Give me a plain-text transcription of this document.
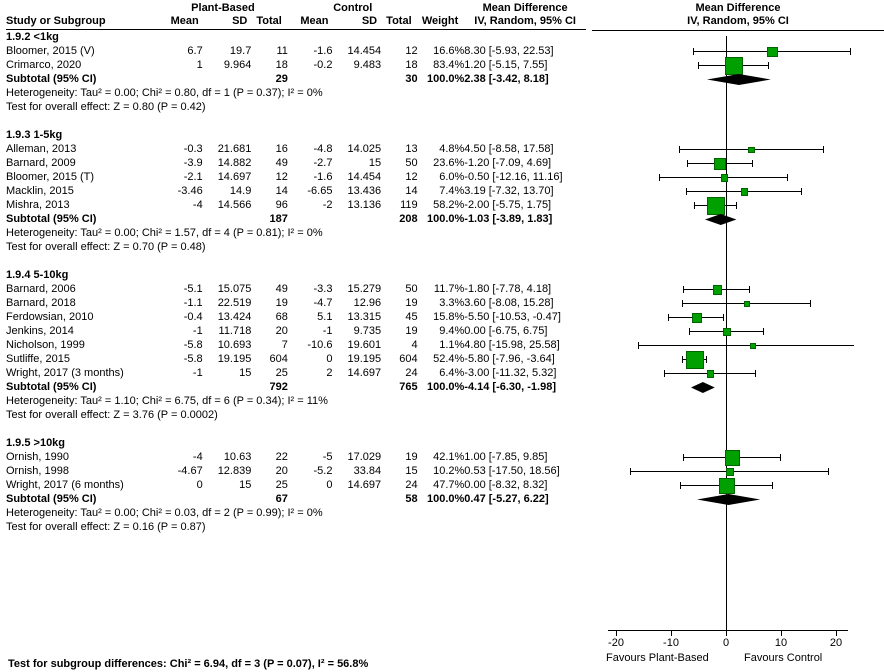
	Plant-Based			Control				Mean Difference
Study or Subgroup	Mean	SD	Total	Mean	SD	Total	Weight	IV, Random, 95% CI

1.9.2 <1kg								
Bloomer, 2015 (V)	6.7	19.7	11	-1.6	14.454	12	16.6%	8.30 [-5.93, 22.53]
Crimarco, 2020	1	9.964	18	-0.2	9.483	18	83.4%	1.20 [-5.15, 7.55]
Subtotal (95% CI)			29			30	100.0%	2.38 [-3.42, 8.18]
Heterogeneity: Tau² = 0.00; Chi² = 0.80, df = 1 (P = 0.37); I² = 0%								
Test for overall effect: Z = 0.80 (P = 0.42)								

1.9.3 1-5kg								
Alleman, 2013	-0.3	21.681	16	-4.8	14.025	13	4.8%	4.50 [-8.58, 17.58]
Barnard, 2009	-3.9	14.882	49	-2.7	15	50	23.6%	-1.20 [-7.09, 4.69]
Bloomer, 2015 (T)	-2.1	14.697	12	-1.6	14.454	12	6.0%	-0.50 [-12.16, 11.16]
Macklin, 2015	-3.46	14.9	14	-6.65	13.436	14	7.4%	3.19 [-7.32, 13.70]
Mishra, 2013	-4	14.566	96	-2	13.136	119	58.2%	-2.00 [-5.75, 1.75]
Subtotal (95% CI)			187			208	100.0%	-1.03 [-3.89, 1.83]
Heterogeneity: Tau² = 0.00; Chi² = 1.57, df = 4 (P = 0.81); I² = 0%								
Test for overall effect: Z = 0.70 (P = 0.48)								

1.9.4 5-10kg								
Barnard, 2006	-5.1	15.075	49	-3.3	15.279	50	11.7%	-1.80 [-7.78, 4.18]
Barnard, 2018	-1.1	22.519	19	-4.7	12.96	19	3.3%	3.60 [-8.08, 15.28]
Ferdowsian, 2010	-0.4	13.424	68	5.1	13.315	45	15.8%	-5.50 [-10.53, -0.47]
Jenkins, 2014	-1	11.718	20	-1	9.735	19	9.4%	0.00 [-6.75, 6.75]
Nicholson, 1999	-5.8	10.693	7	-10.6	19.601	4	1.1%	4.80 [-15.98, 25.58]
Sutliffe, 2015	-5.8	19.195	604	0	19.195	604	52.4%	-5.80 [-7.96, -3.64]
Wright, 2017 (3 months)	-1	15	25	2	14.697	24	6.4%	-3.00 [-11.32, 5.32]
Subtotal (95% CI)			792			765	100.0%	-4.14 [-6.30, -1.98]
Heterogeneity: Tau² = 1.10; Chi² = 6.75, df = 6 (P = 0.34); I² = 11%								
Test for overall effect: Z = 3.76 (P = 0.0002)								

1.9.5 >10kg								
Ornish, 1990	-4	10.63	22	-5	17.029	19	42.1%	1.00 [-7.85, 9.85]
Ornish, 1998	-4.67	12.839	20	-5.2	33.84	15	10.2%	0.53 [-17.50, 18.56]
Wright, 2017 (6 months)	0	15	25	0	14.697	24	47.7%	0.00 [-8.32, 8.32]
Subtotal (95% CI)			67			58	100.0%	0.47 [-5.27, 6.22]
Heterogeneity: Tau² = 0.00; Chi² = 0.03, df = 2 (P = 0.99); I² = 0%								
Test for overall effect: Z = 0.16 (P = 0.87)								

Mean Difference
IV, Random, 95% CI
-20	-10	0	10	20
Favours Plant-Based	Favours Control
Test for subgroup differences: Chi² = 6.94, df = 3 (P = 0.07), I² = 56.8%
